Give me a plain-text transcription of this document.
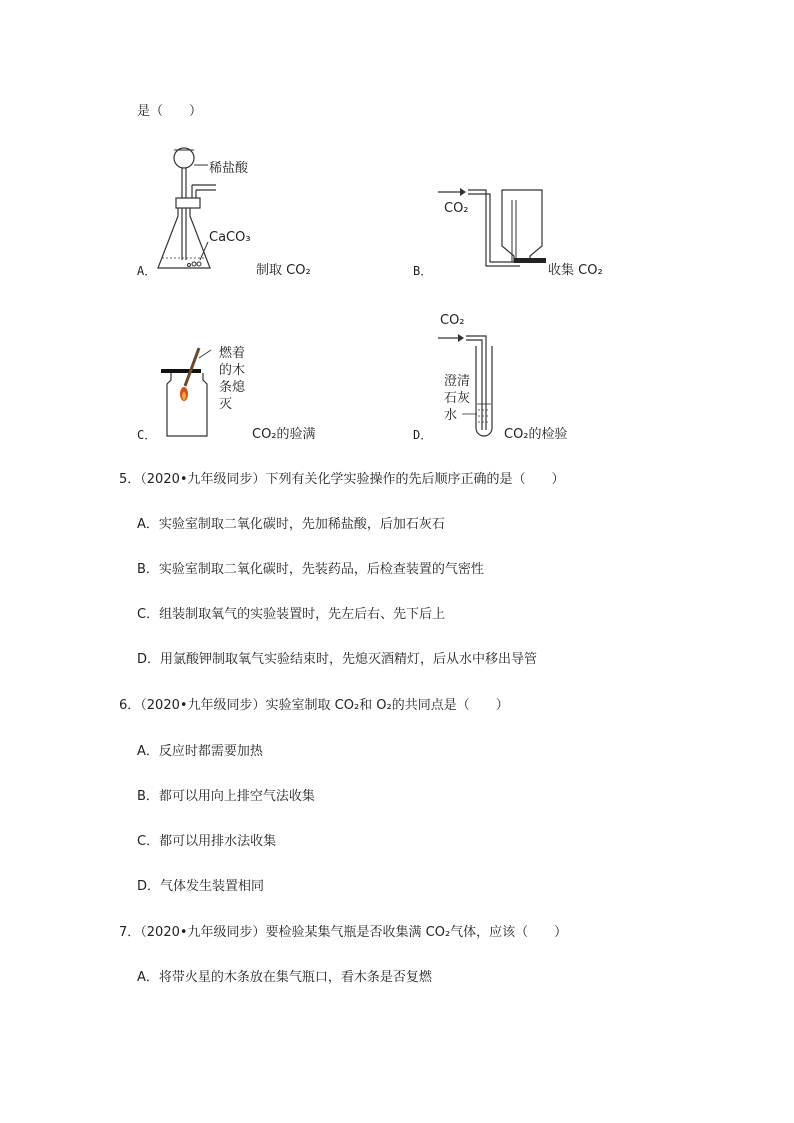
是（　　）
A．
稀盐酸
CaCO₃
制取 CO₂	B．
CO₂
收集 CO₂
C．
燃着的木条熄灭
CO₂的验满	D．
CO₂
澄清石灰水
CO₂的检验
5．（2020•九年级同步）下列有关化学实验操作的先后顺序正确的是（　　）
A．实验室制取二氧化碳时，先加稀盐酸，后加石灰石
B．实验室制取二氧化碳时，先装药品，后检查装置的气密性
C．组装制取氧气的实验装置时，先左后右、先下后上
D．用氯酸钾制取氧气实验结束时，先熄灭酒精灯，后从水中移出导管
6．（2020•九年级同步）实验室制取 CO₂和 O₂的共同点是（　　）
A．反应时都需要加热
B．都可以用向上排空气法收集
C．都可以用排水法收集
D．气体发生装置相同
7．（2020•九年级同步）要检验某集气瓶是否收集满 CO₂气体，应该（　　）
A．将带火星的木条放在集气瓶口，看木条是否复燃
